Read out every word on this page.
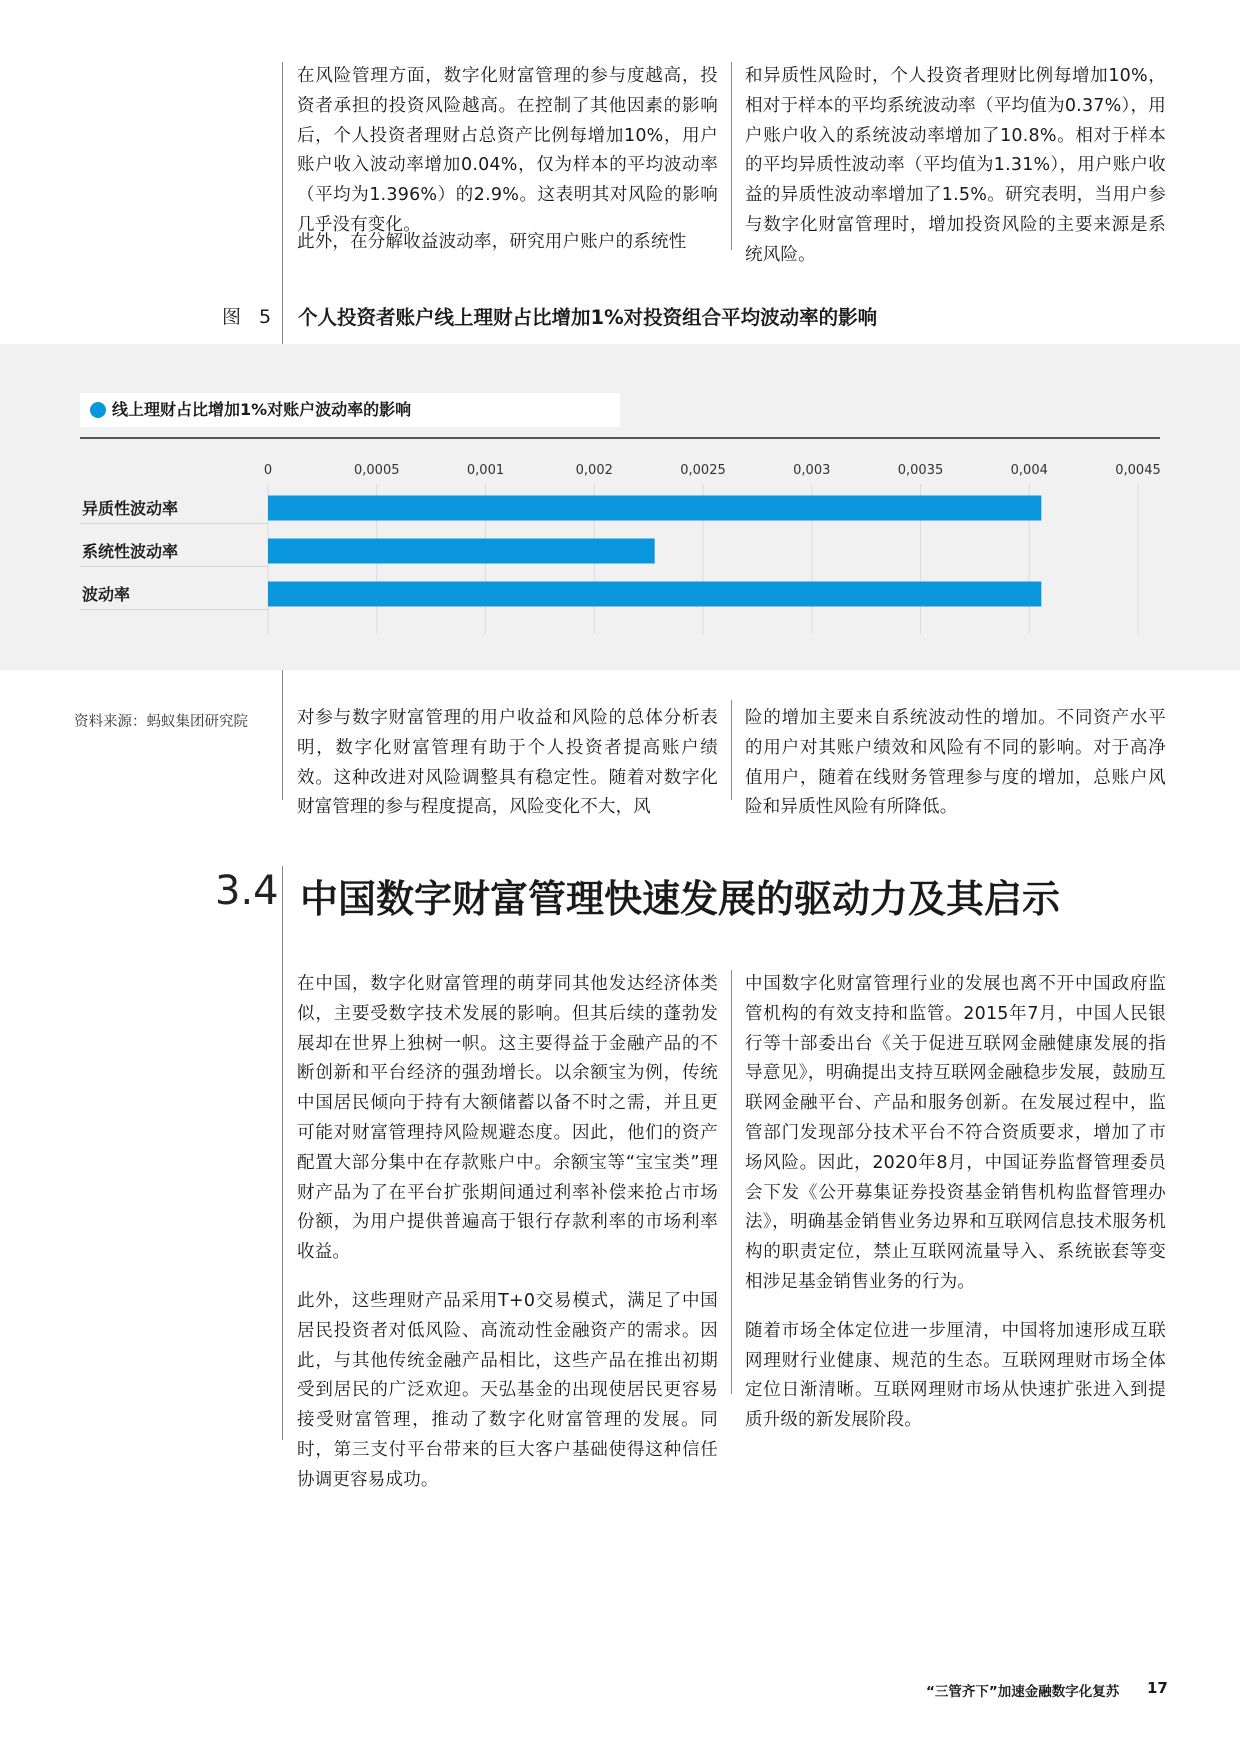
在风险管理方面，数字化财富管理的参与度越高，投资者承担的投资风险越高。在控制了其他因素的影响后，个人投资者理财占总资产比例每增加10%，用户账户收入波动率增加0.04%，仅为样本的平均波动率（平均为1.396%）的2.9%。这表明其对风险的影响几乎没有变化。

此外，在分解收益波动率，研究用户账户的系统性

和异质性风险时，个人投资者理财比例每增加10%，相对于样本的平均系统波动率（平均值为0.37%），用户账户收入的系统波动率增加了10.8%。相对于样本的平均异质性波动率（平均值为1.31%），用户账户收益的异质性波动率增加了1.5%。研究表明，当用户参与数字化财富管理时，增加投资风险的主要来源是系统风险。

图 5 个人投资者账户线上理财占比增加1%对投资组合平均波动率的影响
线上理财占比增加1%对账户波动率的影响
0	0,0005	0,001	0,002	0,0025	0,003	0,0035	0,004	0,0045
异质性波动率
系统性波动率
波动率
资料来源：蚂蚁集团研究院	对参与数字财富管理的用户收益和风险的总体分析表明，数字化财富管理有助于个人投资者提高账户绩效。这种改进对风险调整具有稳定性。随着对数字化财富管理的参与程度提高，风险变化不大，风

险的增加主要来自系统波动性的增加。不同资产水平的用户对其账户绩效和风险有不同的影响。对于高净值用户，随着在线财务管理参与度的增加，总账户风险和异质性风险有所降低。

3.4 中国数字财富管理快速发展的驱动力及其启示

在中国，数字化财富管理的萌芽同其他发达经济体类似，主要受数字技术发展的影响。但其后续的蓬勃发展却在世界上独树一帜。这主要得益于金融产品的不断创新和平台经济的强劲增长。以余额宝为例，传统中国居民倾向于持有大额储蓄以备不时之需，并且更可能对财富管理持风险规避态度。因此，他们的资产配置大部分集中在存款账户中。余额宝等“宝宝类”理财产品为了在平台扩张期间通过利率补偿来抢占市场份额，为用户提供普遍高于银行存款利率的市场利率收益。

此外，这些理财产品采用T+0交易模式，满足了中国居民投资者对低风险、高流动性金融资产的需求。因此，与其他传统金融产品相比，这些产品在推出初期受到居民的广泛欢迎。天弘基金的出现使居民更容易接受财富管理，推动了数字化财富管理的发展。同时，第三支付平台带来的巨大客户基础使得这种信任协调更容易成功。

中国数字化财富管理行业的发展也离不开中国政府监管机构的有效支持和监管。2015年7月，中国人民银行等十部委出台《关于促进互联网金融健康发展的指导意见》，明确提出支持互联网金融稳步发展，鼓励互联网金融平台、产品和服务创新。在发展过程中，监管部门发现部分技术平台不符合资质要求，增加了市场风险。因此，2020年8月，中国证券监督管理委员会下发《公开募集证券投资基金销售机构监督管理办法》，明确基金销售业务边界和互联网信息技术服务机构的职责定位，禁止互联网流量导入、系统嵌套等变相涉足基金销售业务的行为。

随着市场全体定位进一步厘清，中国将加速形成互联网理财行业健康、规范的生态。互联网理财市场全体定位日渐清晰。互联网理财市场从快速扩张进入到提质升级的新发展阶段。

“三管齐下”加速金融数字化复苏 17
